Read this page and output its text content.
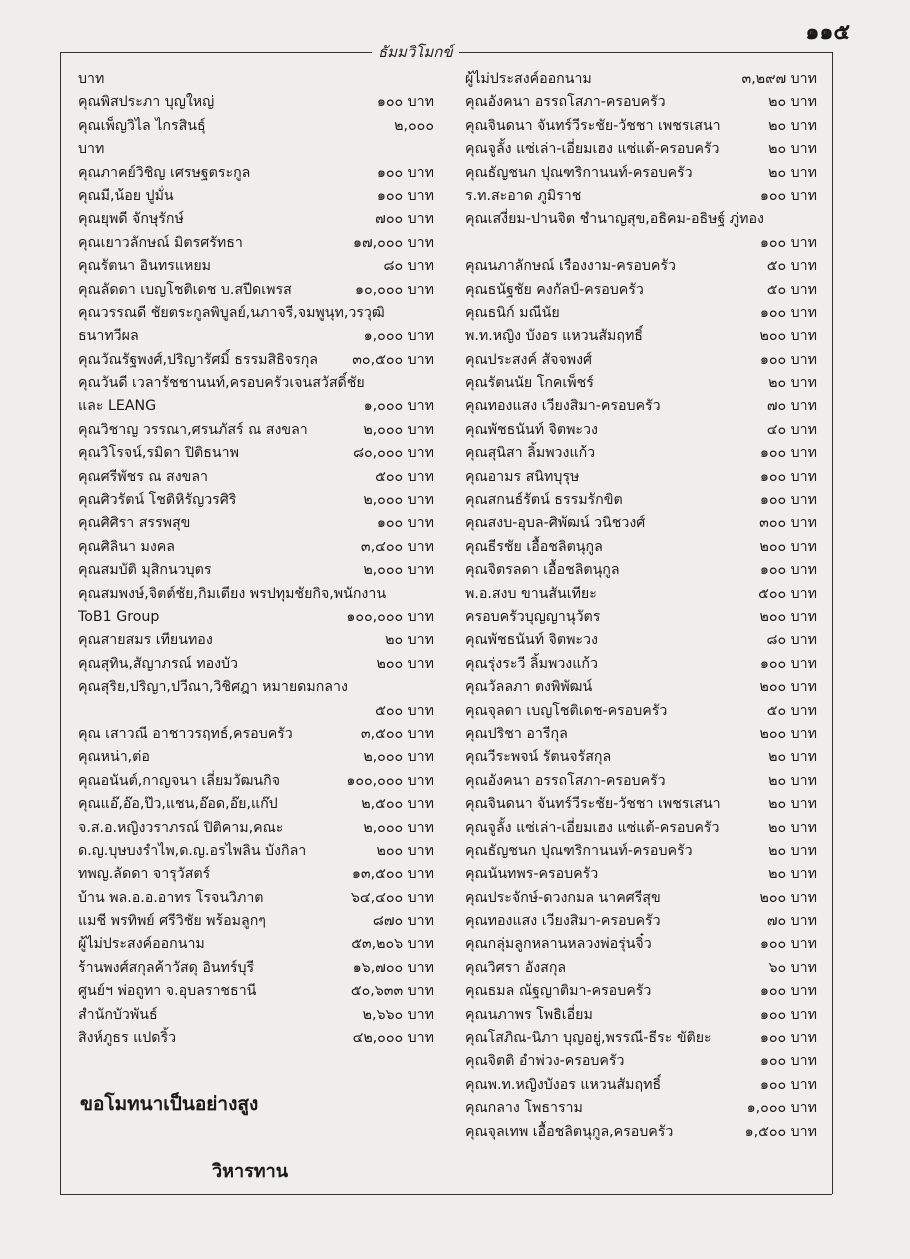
๑๑๕
ธัมมวิโมกข์
บาท
คุณพิสประภา บุญใหญ่	๑๐๐ บาท
คุณเพ็ญวิไล ไกรสินธุ์	๒,๐๐๐
บาท
คุณภาคย์วิชิญ เศรษฐตระกูล	๑๐๐ บาท
คุณมี,น้อย ปูมั่น	๑๐๐ บาท
คุณยุพดี จักษุรักษ์	๗๐๐ บาท
คุณเยาวลักษณ์ มิตรศรัทธา	๑๗,๐๐๐ บาท
คุณรัตนา อินทรแหยม	๘๐ บาท
คุณลัดดา เบญโชติเดช บ.สปีดเพรส	๑๐,๐๐๐ บาท
คุณวรรณดี ชัยตระกูลพิบูลย์,นภาจรี,จมพูนุท,วรวุฒิ
ธนาทวีผล	๑,๐๐๐ บาท
คุณวัณรัฐพงศ์,ปริญารัศมิ์ ธรรมสิธิจรกุล	๓๐,๕๐๐ บาท
คุณวันดี เวลารัชชานนท์,ครอบครัวเจนสวัสดิ์ชัย
และ LEANG	๑,๐๐๐ บาท
คุณวิชาญ วรรณา,ศรนภัสร์ ณ สงขลา	๒,๐๐๐ บาท
คุณวิโรจน์,รมิดา ปิติธนาพ	๘๐,๐๐๐ บาท
คุณศรีพัชร ณ สงขลา	๕๐๐ บาท
คุณศิวรัตน์ โชติหิรัญวรศิริ	๒,๐๐๐ บาท
คุณศิศิรา สรรพสุข	๑๐๐ บาท
คุณศิลินา มงคล	๓,๔๐๐ บาท
คุณสมบัติ มุสิกนวบุตร	๒,๐๐๐ บาท
คุณสมพงษ์,จิตต์ชัย,กิมเตียง พรปทุมชัยกิจ,พนักงาน
ToB1 Group	๑๐๐,๐๐๐ บาท
คุณสายสมร เทียนทอง	๒๐ บาท
คุณสุทิน,สัญาภรณ์ ทองบัว	๒๐๐ บาท
คุณสุริย,ปริญา,ปวีณา,วิชิศฎา หมายดมกลาง
๕๐๐ บาท
คุณ เสาวณี อาชาวรฤทธ์,ครอบครัว	๓,๕๐๐ บาท
คุณหน่า,ต่อ	๒,๐๐๐ บาท
คุณอนันต์,กาญจนา เลี่ยมวัฒนกิจ	๑๐๐,๐๐๐ บาท
คุณแอ๊,อ๊อ,ป๊ว,แชน,อ๊อด,อ๊ย,แก๊ป	๒,๕๐๐ บาท
จ.ส.อ.หญิงวราภรณ์ ปิติคาม,คณะ	๒,๐๐๐ บาท
ด.ญ.บุษบงรำไพ,ด.ญ.อรไพลิน บังกิลา	๒๐๐ บาท
ทพญ.ลัดดา จารุวัสตร์	๑๓,๕๐๐ บาท
บ้าน พล.อ.อ.อาทร โรจนวิภาต	๖๔,๔๐๐ บาท
แมชี พรทิพย์ ศรีวิชัย พร้อมลูกๆ	๘๗๐ บาท
ผู้ไม่ประสงค์ออกนาม	๕๓,๒๐๖ บาท
ร้านพงศ์สกุลค้าวัสดุ อินทร์บุรี	๑๖,๗๐๐ บาท
ศูนย์ฯ พ่อถูทา จ.อุบลราชธานี	๕๐,๖๓๓ บาท
สำนักบัวพันธ์	๒,๖๖๐ บาท
สิงห์ภูธร แปดริ้ว	๔๒,๐๐๐ บาท
ผู้ไม่ประสงค์ออกนาม	๓,๒๙๗ บาท
คุณอังคนา อรรถโสภา-ครอบครัว	๒๐ บาท
คุณจินดนา จันทร์วีระชัย-วัชชา เพชรเสนา	๒๐ บาท
คุณจูลั้ง แซ่เล่า-เอี่ยมเฮง แซ่แต้-ครอบครัว	๒๐ บาท
คุณธัญชนก ปุณฑริกานนท์-ครอบครัว	๒๐ บาท
ร.ท.สะอาด ภูมิราช	๑๐๐ บาท
คุณเสงี่ยม-ปานจิต ชำนาญสุข,อธิคม-อธิษฐ์ ภู่ทอง
๑๐๐ บาท
คุณนภาลักษณ์ เรืองงาม-ครอบครัว	๕๐ บาท
คุณธนัฐชัย คงกัลป์-ครอบครัว	๕๐ บาท
คุณธนิก์ มณีนัย	๑๐๐ บาท
พ.ท.หญิง บังอร แหวนสัมฤทธิ์	๒๐๐ บาท
คุณประสงค์ สัจจพงศ์	๑๐๐ บาท
คุณรัตนนัย โกคเพ็ชร์	๒๐ บาท
คุณทองแสง เวียงสิมา-ครอบครัว	๗๐ บาท
คุณพัชธนันท์ จิตพะวง	๔๐ บาท
คุณสุนิสา ลิ้มพวงแก้ว	๑๐๐ บาท
คุณอามร สนิทบุรุษ	๑๐๐ บาท
คุณสกนธ์รัตน์ ธรรมรักขิต	๑๐๐ บาท
คุณสงบ-อุบล-ศิพัฒน์ วนิชวงศ์	๓๐๐ บาท
คุณธีรชัย เอื้อชลิตนุกูล	๒๐๐ บาท
คุณจิตรลดา เอื้อชลิตนุกูล	๑๐๐ บาท
พ.อ.สงบ ขานสันเทียะ	๕๐๐ บาท
ครอบครัวบุญญานุวัตร	๒๐๐ บาท
คุณพัชธนันท์ จิตพะวง	๘๐ บาท
คุณรุ่งระวี ลิ้มพวงแก้ว	๑๐๐ บาท
คุณวัลลภา ตงพิพัฒน์	๒๐๐ บาท
คุณจุลดา เบญโชติเดช-ครอบครัว	๕๐ บาท
คุณปริชา อารีกุล	๒๐๐ บาท
คุณวีระพจน์ รัตนจรัสกุล	๒๐ บาท
คุณอังคนา อรรถโสภา-ครอบครัว	๒๐ บาท
คุณจินดนา จันทร์วีระชัย-วัชชา เพชรเสนา	๒๐ บาท
คุณจูลั้ง แซ่เล่า-เอี่ยมเฮง แซ่แต้-ครอบครัว	๒๐ บาท
คุณธัญชนก ปุณฑริกานนท์-ครอบครัว	๒๐ บาท
คุณนันทพร-ครอบครัว	๒๐ บาท
คุณประจักษ์-ดวงกมล นาคศรีสุข	๒๐๐ บาท
คุณทองแสง เวียงสิมา-ครอบครัว	๗๐ บาท
คุณกลุ่มลูกหลานหลวงพ่อรุ่นจิ๋ว	๑๐๐ บาท
คุณวิศรา อังสกุล	๖๐ บาท
คุณธมล ณัฐญาติมา-ครอบครัว	๑๐๐ บาท
คุณนภาพร โพธิเอี่ยม	๑๐๐ บาท
คุณโสภิณ-นิภา บุญอยู่,พรรณี-ธีระ ขัติยะ	๑๐๐ บาท
คุณจิตติ อำพ่วง-ครอบครัว	๑๐๐ บาท
คุณพ.ท.หญิงบังอร แหวนสัมฤทธิ์	๑๐๐ บาท
คุณกลาง โพธาราม	๑,๐๐๐ บาท
คุณจุลเทพ เอื้อชลิตนุกูล,ครอบครัว	๑,๕๐๐ บาท
ขอโมทนาเป็นอย่างสูง
วิหารทาน
